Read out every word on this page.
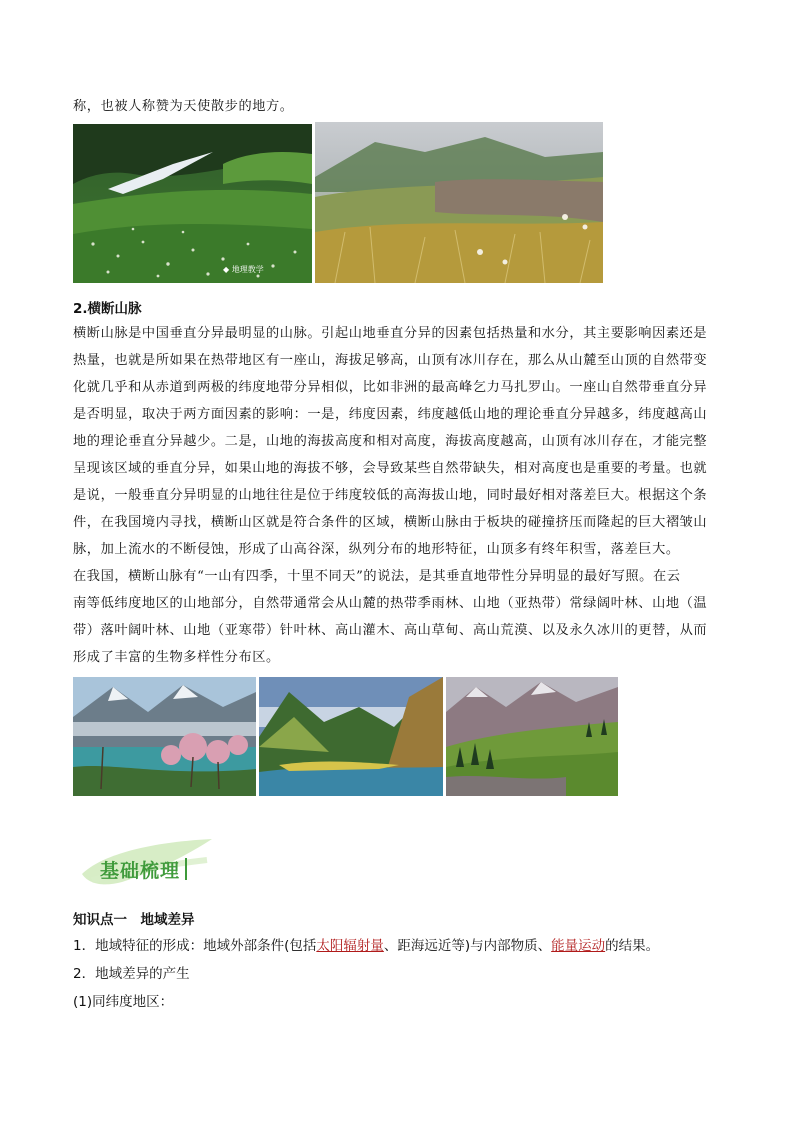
称，也被人称赞为天使散步的地方。
◆ 地理教学
2.横断山脉
横断山脉是中国垂直分异最明显的山脉。引起山地垂直分异的因素包括热量和水分，其主要影响因素还是
热量，也就是所如果在热带地区有一座山，海拔足够高，山顶有冰川存在，那么从山麓至山顶的自然带变
化就几乎和从赤道到两极的纬度地带分异相似，比如非洲的最高峰乞力马扎罗山。一座山自然带垂直分异
是否明显，取决于两方面因素的影响：一是，纬度因素，纬度越低山地的理论垂直分异越多，纬度越高山
地的理论垂直分异越少。二是，山地的海拔高度和相对高度，海拔高度越高，山顶有冰川存在，才能完整
呈现该区域的垂直分异，如果山地的海拔不够，会导致某些自然带缺失，相对高度也是重要的考量。也就
是说，一般垂直分异明显的山地往往是位于纬度较低的高海拔山地，同时最好相对落差巨大。根据这个条
件，在我国境内寻找，横断山区就是符合条件的区域，横断山脉由于板块的碰撞挤压而隆起的巨大褶皱山
脉，加上流水的不断侵蚀，形成了山高谷深，纵列分布的地形特征，山顶多有终年积雪，落差巨大。
在我国，横断山脉有“一山有四季，十里不同天”的说法，是其垂直地带性分异明显的最好写照。在云
南等低纬度地区的山地部分，自然带通常会从山麓的热带季雨林、山地（亚热带）常绿阔叶林、山地（温
带）落叶阔叶林、山地（亚寒带）针叶林、高山灌木、高山草甸、高山荒漠、以及永久冰川的更替，从而
形成了丰富的生物多样性分布区。
基础梳理
知识点一　地域差异
1．地域特征的形成：地域外部条件(包括太阳辐射量、距海远近等)与内部物质、能量运动的结果。
2．地域差异的产生
(1)同纬度地区：
